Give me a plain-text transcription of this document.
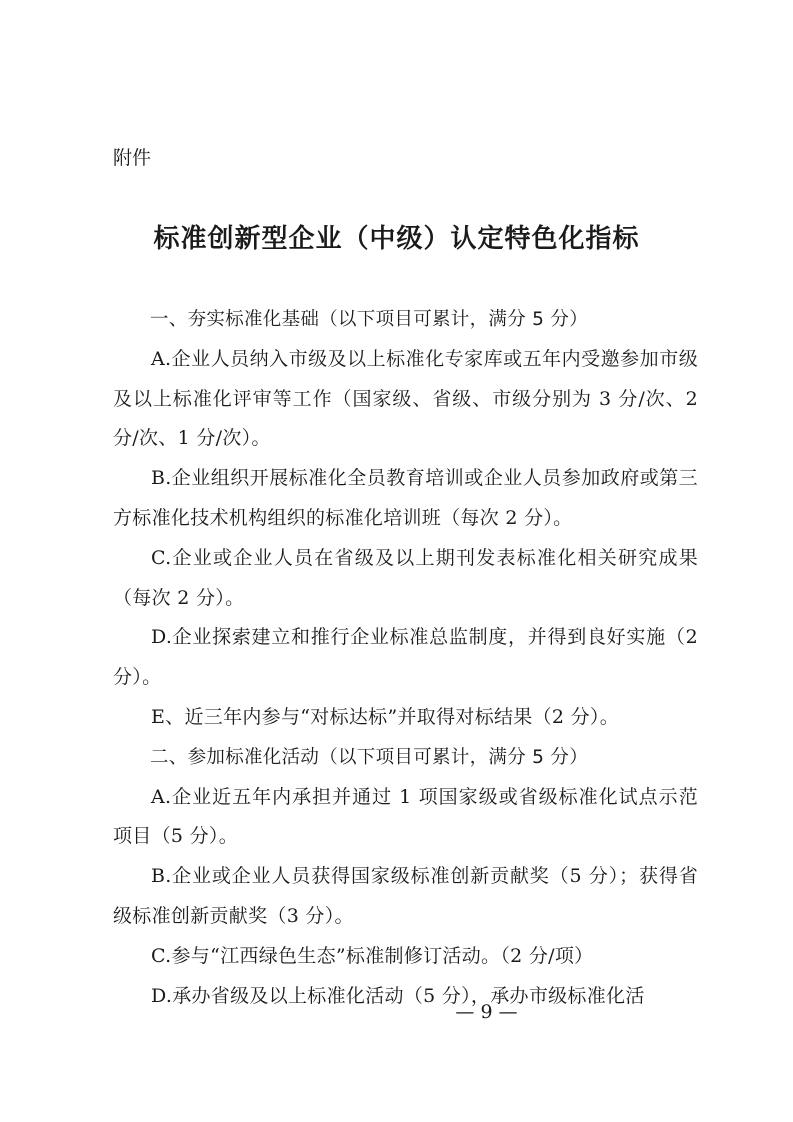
附件
标准创新型企业（中级）认定特色化指标

一、夯实标准化基础（以下项目可累计，满分 5 分）

A.企业人员纳入市级及以上标准化专家库或五年内受邀参加市级及以上标准化评审等工作（国家级、省级、市级分别为 3 分/次、2 分/次、1 分/次）。

B.企业组织开展标准化全员教育培训或企业人员参加政府或第三方标准化技术机构组织的标准化培训班（每次 2 分）。

C.企业或企业人员在省级及以上期刊发表标准化相关研究成果（每次 2 分）。

D.企业探索建立和推行企业标准总监制度，并得到良好实施（2 分）。

E、近三年内参与“对标达标”并取得对标结果（2 分）。

二、参加标准化活动（以下项目可累计，满分 5 分）

A.企业近五年内承担并通过 1 项国家级或省级标准化试点示范项目（5 分）。

B.企业或企业人员获得国家级标准创新贡献奖（5 分）；获得省级标准创新贡献奖（3 分）。

C.参与“江西绿色生态”标准制修订活动。（2 分/项）

D.承办省级及以上标准化活动（5 分），承办市级标准化活

— 9 —
